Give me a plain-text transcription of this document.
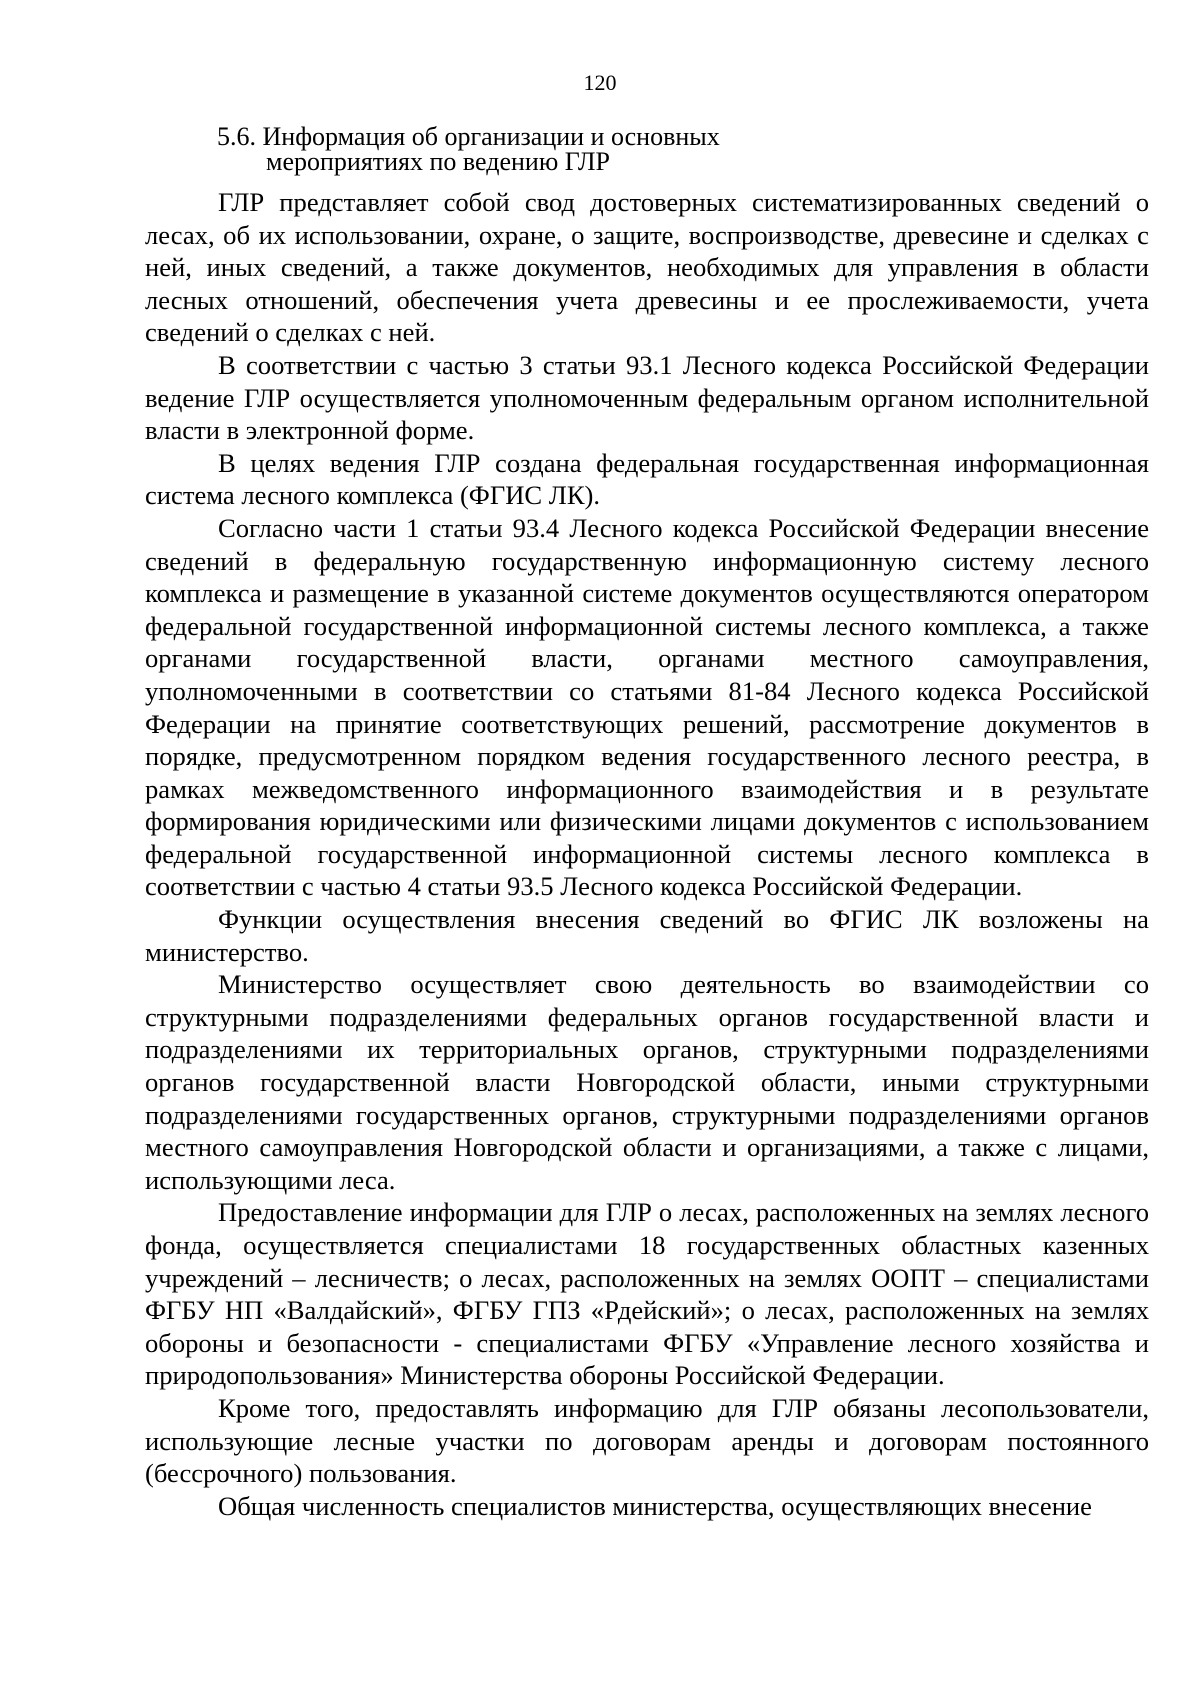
120
5.6. Информация об организации и основных
мероприятиях по ведению ГЛР

ГЛР представляет собой свод достоверных систематизированных сведений о лесах, об их использовании, охране, о защите, воспроизводстве, древесине и сделках с ней, иных сведений, а также документов, необходимых для управления в области лесных отношений, обеспечения учета древесины и ее прослеживаемости, учета сведений о сделках с ней.

В соответствии с частью 3 статьи 93.1 Лесного кодекса Российской Федерации ведение ГЛР осуществляется уполномоченным федеральным органом исполнительной власти в электронной форме.

В целях ведения ГЛР создана федеральная государственная информационная система лесного комплекса (ФГИС ЛК).

Согласно части 1 статьи 93.4 Лесного кодекса Российской Федерации внесение сведений в федеральную государственную информационную систему лесного комплекса и размещение в указанной системе документов осуществляются оператором федеральной государственной информационной системы лесного комплекса, а также органами государственной власти, органами местного самоуправления, уполномоченными в соответствии со статьями 81-84 Лесного кодекса Российской Федерации на принятие соответствующих решений, рассмотрение документов в порядке, предусмотренном порядком ведения государственного лесного реестра, в рамках межведомственного информационного взаимодействия и в результате формирования юридическими или физическими лицами документов с использованием федеральной государственной информационной системы лесного комплекса в соответствии с частью 4 статьи 93.5 Лесного кодекса Российской Федерации.

Функции осуществления внесения сведений во ФГИС ЛК возложены на министерство.

Министерство осуществляет свою деятельность во взаимодействии со структурными подразделениями федеральных органов государственной власти и подразделениями их территориальных органов, структурными подразделениями органов государственной власти Новгородской области, иными структурными подразделениями государственных органов, структурными подразделениями органов местного самоуправления Новгородской области и организациями, а также с лицами, использующими леса.

Предоставление информации для ГЛР о лесах, расположенных на землях лесного фонда, осуществляется специалистами 18 государственных областных казенных учреждений – лесничеств; о лесах, расположенных на землях ООПТ – специалистами ФГБУ НП «Валдайский», ФГБУ ГПЗ «Рдейский»; о лесах, расположенных на землях обороны и безопасности - специалистами ФГБУ «Управление лесного хозяйства и природопользования» Министерства обороны Российской Федерации.

Кроме того, предоставлять информацию для ГЛР обязаны лесопользователи, использующие лесные участки по договорам аренды и договорам постоянного (бессрочного) пользования.

Общая численность специалистов министерства, осуществляющих внесение
